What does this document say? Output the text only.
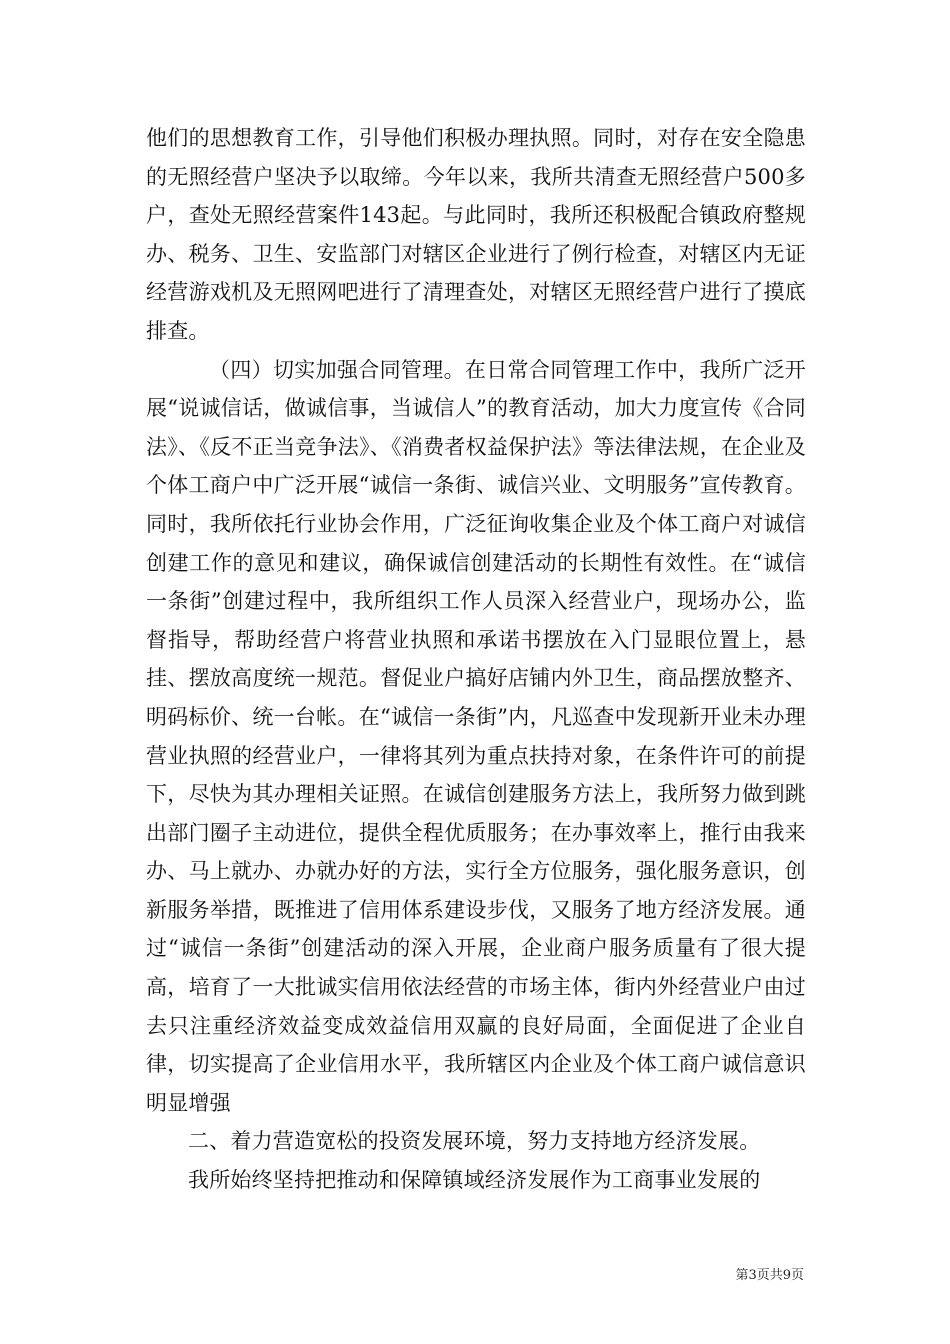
他们的思想教育工作，引导他们积极办理执照。同时，对存在安全隐患的无照经营户坚决予以取缔。今年以来，我所共清查无照经营户500多户，查处无照经营案件143起。与此同时，我所还积极配合镇政府整规办、税务、卫生、安监部门对辖区企业进行了例行检查，对辖区内无证经营游戏机及无照网吧进行了清理查处，对辖区无照经营户进行了摸底排查。

（四）切实加强合同管理。在日常合同管理工作中，我所广泛开展“说诚信话，做诚信事，当诚信人”的教育活动，加大力度宣传《合同法》、《反不正当竞争法》、《消费者权益保护法》等法律法规，在企业及个体工商户中广泛开展“诚信一条街、诚信兴业、文明服务”宣传教育。同时，我所依托行业协会作用，广泛征询收集企业及个体工商户对诚信创建工作的意见和建议，确保诚信创建活动的长期性有效性。在“诚信一条街”创建过程中，我所组织工作人员深入经营业户，现场办公，监督指导，帮助经营户将营业执照和承诺书摆放在入门显眼位置上，悬挂、摆放高度统一规范。督促业户搞好店铺内外卫生，商品摆放整齐、明码标价、统一台帐。在“诚信一条街”内，凡巡查中发现新开业未办理营业执照的经营业户，一律将其列为重点扶持对象，在条件许可的前提下，尽快为其办理相关证照。在诚信创建服务方法上，我所努力做到跳出部门圈子主动进位，提供全程优质服务；在办事效率上，推行由我来办、马上就办、办就办好的方法，实行全方位服务，强化服务意识，创新服务举措，既推进了信用体系建设步伐，又服务了地方经济发展。通过“诚信一条街”创建活动的深入开展，企业商户服务质量有了很大提高，培育了一大批诚实信用依法经营的市场主体，街内外经营业户由过去只注重经济效益变成效益信用双赢的良好局面，全面促进了企业自律，切实提高了企业信用水平，我所辖区内企业及个体工商户诚信意识明显增强

二、着力营造宽松的投资发展环境，努力支持地方经济发展。

我所始终坚持把推动和保障镇域经济发展作为工商事业发展的

第3页共9页
